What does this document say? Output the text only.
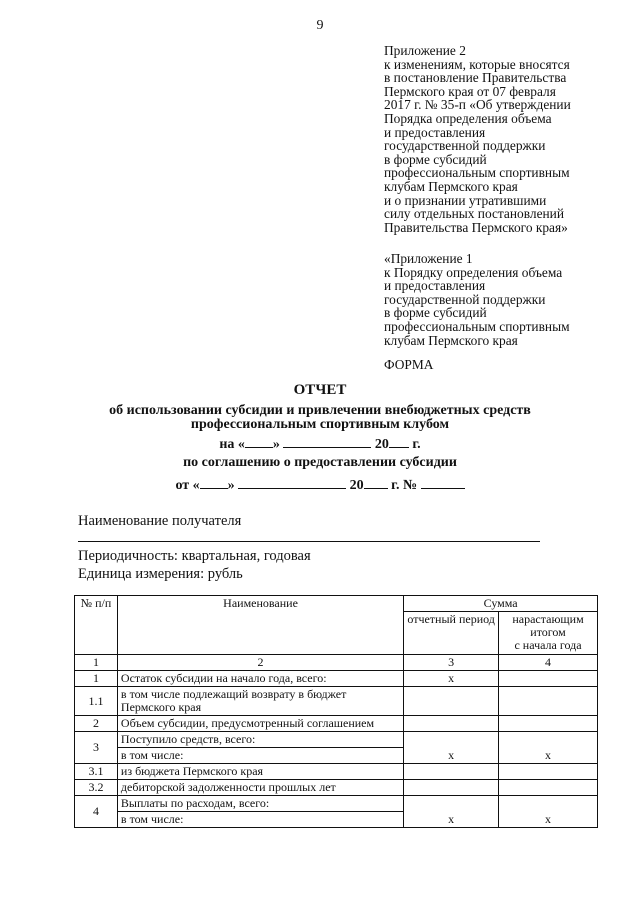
9
Приложение 2
к изменениям, которые вносятся
в постановление Правительства
Пермского края от 07 февраля
2017 г. № 35-п «Об утверждении
Порядка определения объема
и предоставления
государственной поддержки
в форме субсидий
профессиональным спортивным
клубам Пермского края
и о признании утратившими
силу отдельных постановлений
Правительства Пермского края»
«Приложение 1
к Порядку определения объема
и предоставления
государственной поддержки
в форме субсидий
профессиональным спортивным
клубам Пермского края
ФОРМА
ОТЧЕТ
об использовании субсидии и привлечении внебюджетных средств
профессиональным спортивным клубом
на « »	20 г.
по соглашению о предоставлении субсидии
от « »	20 г. №
Наименование получателя
Периодичность: квартальная, годовая
Единица измерения: рубль
№ п/п	Наименование	Сумма	
		отчетный период	нарастающим
итогом
с начала года

1	2	3	4
1	Остаток субсидии на начало года, всего:	x	
1.1	в том числе подлежащий возврату в бюджет Пермского края		
2	Объем субсидии, предусмотренный соглашением		
3	Поступило средств, всего:
в том числе:	x	x
3.1	из бюджета Пермского края		
3.2	дебиторской задолженности прошлых лет		
4	Выплаты по расходам, всего:
в том числе:	x	x
